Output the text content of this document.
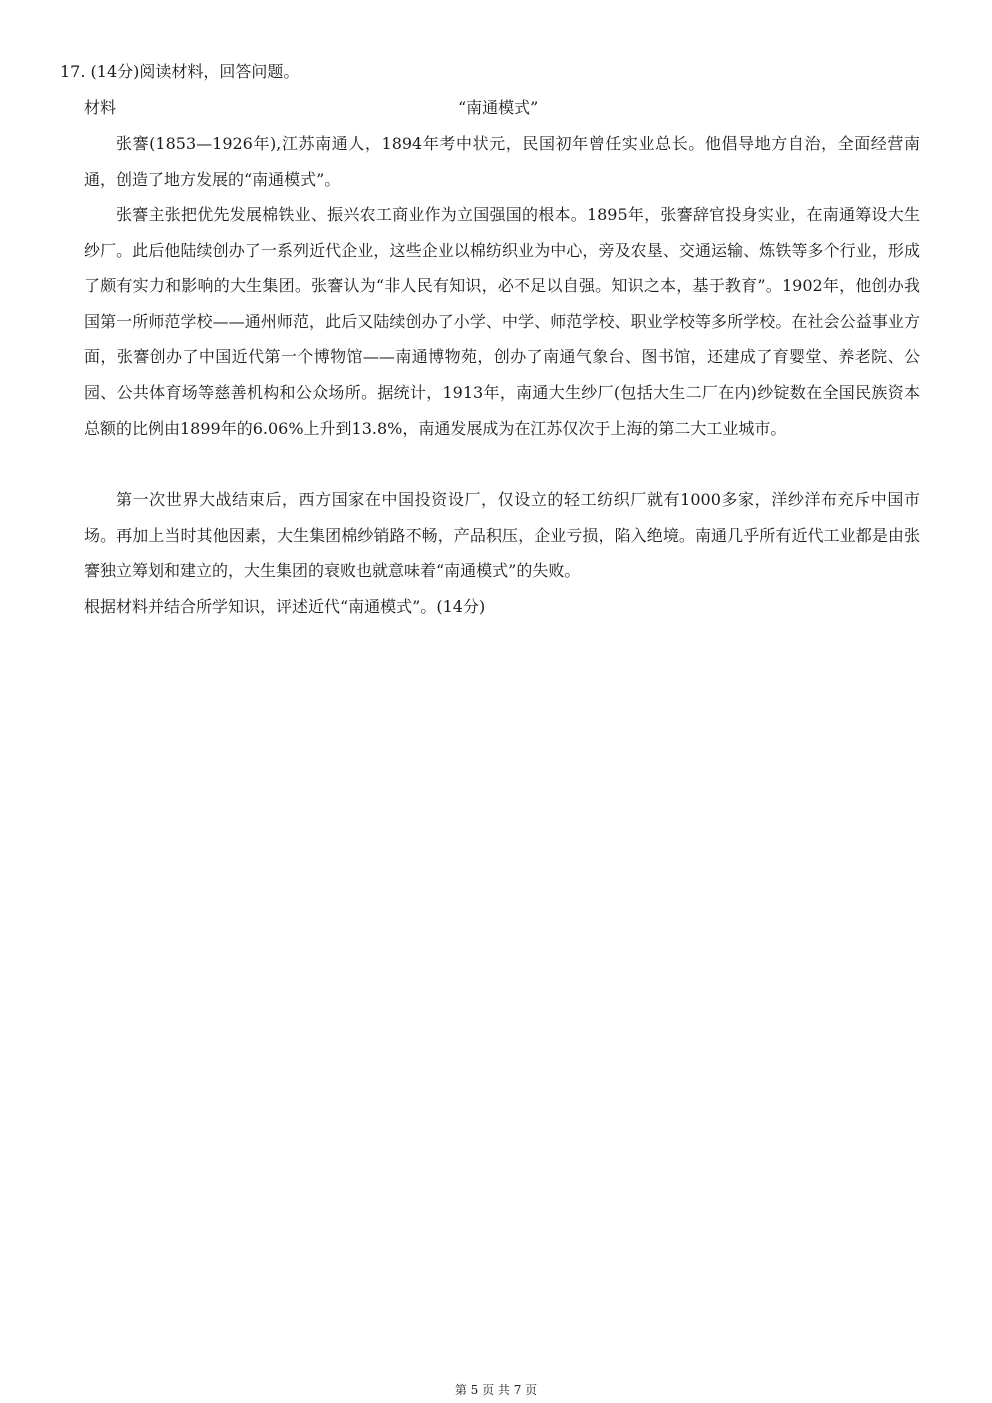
17. (14分)阅读材料，回答问题。
材料	“南通模式”

张謇(1853—1926年),江苏南通人，1894年考中状元，民国初年曾任实业总长。他倡导地方自治，全面经营南通，创造了地方发展的“南通模式”。

张謇主张把优先发展棉铁业、振兴农工商业作为立国强国的根本。1895年，张謇辞官投身实业，在南通筹设大生纱厂。此后他陆续创办了一系列近代企业，这些企业以棉纺织业为中心，旁及农垦、交通运输、炼铁等多个行业，形成了颇有实力和影响的大生集团。张謇认为“非人民有知识，必不足以自强。知识之本，基于教育”。1902年，他创办我国第一所师范学校——通州师范，此后又陆续创办了小学、中学、师范学校、职业学校等多所学校。在社会公益事业方面，张謇创办了中国近代第一个博物馆——南通博物苑，创办了南通气象台、图书馆，还建成了育婴堂、养老院、公园、公共体育场等慈善机构和公众场所。据统计，1913年，南通大生纱厂(包括大生二厂在内)纱锭数在全国民族资本总额的比例由1899年的6.06%上升到13.8%，南通发展成为在江苏仅次于上海的第二大工业城市。

第一次世界大战结束后，西方国家在中国投资设厂，仅设立的轻工纺织厂就有1000多家，洋纱洋布充斥中国市场。再加上当时其他因素，大生集团棉纱销路不畅，产品积压，企业亏损，陷入绝境。南通几乎所有近代工业都是由张謇独立筹划和建立的，大生集团的衰败也就意味着“南通模式”的失败。

根据材料并结合所学知识，评述近代“南通模式”。(14分)

第 5 页 共 7 页
